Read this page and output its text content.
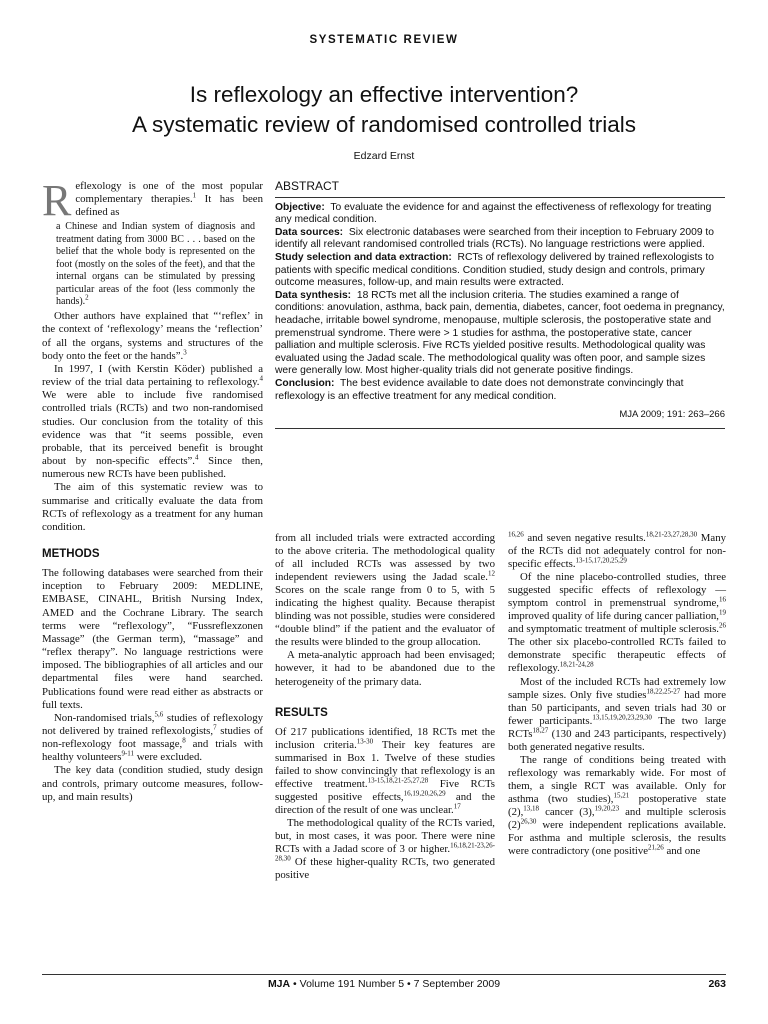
SYSTEMATIC REVIEW
Is reflexology an effective intervention?
A systematic review of randomised controlled trials
Edzard Ernst

Reflexology is one of the most popular complementary therapies.$^1$ It has been defined as

a Chinese and Indian system of diagnosis and treatment dating from 3000 BC . . . based on the belief that the whole body is represented on the foot (mostly on the soles of the feet), and that the internal organs can be stimulated by pressing particular areas of the foot (less commonly the hands).$^2$

Other authors have explained that “‘reflex’ in the context of ‘reflexology’ means the ‘reflection’ of all the organs, systems and structures of the body onto the feet or the hands”.$^3$

In 1997, I (with Kerstin Köder) published a review of the trial data pertaining to reflexology.$^4$ We were able to include five randomised controlled trials (RCTs) and two non-randomised studies. Our conclusion from the totality of this evidence was that “it seems possible, even probable, that its perceived benefit is brought about by non-specific effects”.$^4$ Since then, numerous new RCTs have been published.

The aim of this systematic review was to summarise and critically evaluate the data from RCTs of reflexology as a treatment for any human condition.

METHODS

The following databases were searched from their inception to February 2009: MEDLINE, EMBASE, CINAHL, British Nursing Index, AMED and the Cochrane Library. The search terms were “reflexology”, “Fussreflexzonen Massage” (the German term), “massage” and “reflex therapy”. No language restrictions were imposed. The bibliographies of all articles and our departmental files were hand searched. Publications found were read either as abstracts or full texts.

Non-randomised trials,$^{5,6}$ studies of reflexology not delivered by trained reflexologists,$^7$ studies of non-reflexology foot massage,$^8$ and trials with healthy volunteers$^{9-11}$ were excluded.

The key data (condition studied, study design and controls, primary outcome measures, follow-up, and main results)

ABSTRACT

Objective: To evaluate the evidence for and against the effectiveness of reflexology for treating any medical condition.

Data sources: Six electronic databases were searched from their inception to February 2009 to identify all relevant randomised controlled trials (RCTs). No language restrictions were applied.

Study selection and data extraction: RCTs of reflexology delivered by trained reflexologists to patients with specific medical conditions. Condition studied, study design and controls, primary outcome measures, follow-up, and main results were extracted.

Data synthesis: 18 RCTs met all the inclusion criteria. The studies examined a range of conditions: anovulation, asthma, back pain, dementia, diabetes, cancer, foot oedema in pregnancy, headache, irritable bowel syndrome, menopause, multiple sclerosis, the postoperative state and premenstrual syndrome. There were > 1 studies for asthma, the postoperative state, cancer palliation and multiple sclerosis. Five RCTs yielded positive results. Methodological quality was evaluated using the Jadad scale. The methodological quality was often poor, and sample sizes were generally low. Most higher-quality trials did not generate positive findings.

Conclusion: The best evidence available to date does not demonstrate convincingly that reflexology is an effective treatment for any medical condition.

MJA 2009; 191: 263–266

from all included trials were extracted according to the above criteria. The methodological quality of all included RCTs was assessed by two independent reviewers using the Jadad scale.$^{12}$ Scores on the scale range from 0 to 5, with 5 indicating the highest quality. Because therapist blinding was not possible, studies were considered “double blind” if the patient and the evaluator of the results were blinded to the group allocation.

A meta-analytic approach had been envisaged; however, it had to be abandoned due to the heterogeneity of the primary data.

RESULTS

Of 217 publications identified, 18 RCTs met the inclusion criteria.$^{13-30}$ Their key features are summarised in Box 1. Twelve of these studies failed to show convincingly that reflexology is an effective treatment.$^{13-15,18,21-25,27,28}$ Five RCTs suggested positive effects,$^{16,19,20,26,29}$ and the direction of the result of one was unclear.$^{17}$

The methodological quality of the RCTs varied, but, in most cases, it was poor. There were nine RCTs with a Jadad score of 3 or higher.$^{16,18,21-23,26-28,30}$ Of these higher-quality RCTs, two generated positive

$^{16,26}$ and seven negative results.$^{18,21-23,27,28,30}$ Many of the RCTs did not adequately control for non-specific effects.$^{13-15,17,20,25,29}$

Of the nine placebo-controlled studies, three suggested specific effects of reflexology — symptom control in premenstrual syndrome,$^{16}$ improved quality of life during cancer palliation,$^{19}$ and symptomatic treatment of multiple sclerosis.$^{26}$ The other six placebo-controlled RCTs failed to demonstrate specific therapeutic effects of reflexology.$^{18,21-24,28}$

Most of the included RCTs had extremely low sample sizes. Only five studies$^{18,22,25-27}$ had more than 50 participants, and seven trials had 30 or fewer participants.$^{13,15,19,20,23,29,30}$ The two large RCTs$^{18,27}$ (130 and 243 participants, respectively) both generated negative results.

The range of conditions being treated with reflexology was remarkably wide. For most of them, a single RCT was available. Only for asthma (two studies),$^{15,21}$ postoperative state (2),$^{13,18}$ cancer (3),$^{19,20,23}$ and multiple sclerosis $(2)^{26,30}$ were independent replications available. For asthma and multiple sclerosis, the results were contradictory (one positive$^{21,26}$ and one

MJA • Volume 191 Number 5 • 7 September 2009	263
